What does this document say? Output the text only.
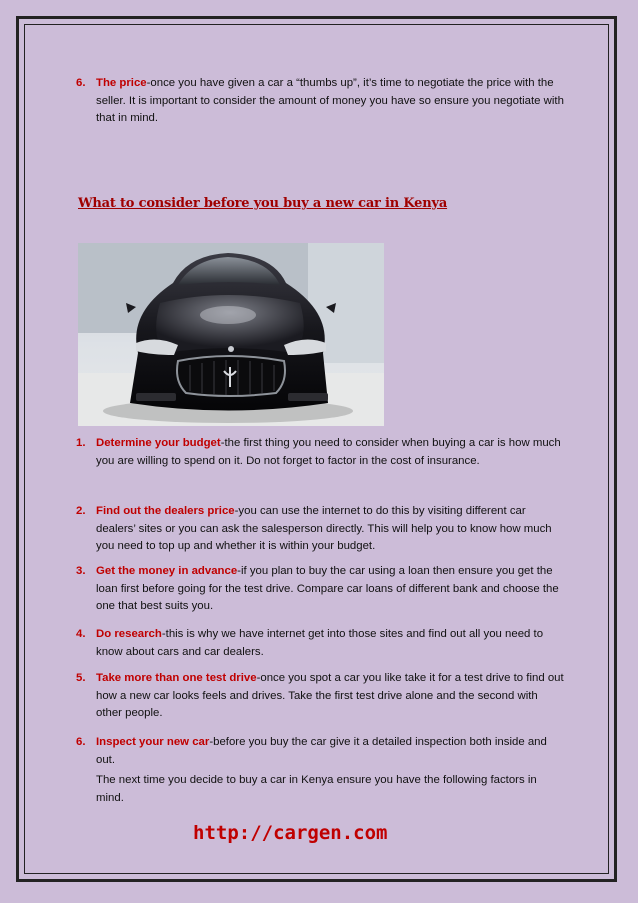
6. The price-once you have given a car a “thumbs up”, it’s time to negotiate the price with the seller. It is important to consider the amount of money you have so ensure you negotiate with that in mind.
What to consider before you buy a new car in Kenya
1. Determine your budget-the first thing you need to consider when buying a car is how much you are willing to spend on it. Do not forget to factor in the cost of insurance.
2. Find out the dealers price-you can use the internet to do this by visiting different car dealers’ sites or you can ask the salesperson directly. This will help you to know how much you need to top up and whether it is within your budget.
3. Get the money in advance-if you plan to buy the car using a loan then ensure you get the loan first before going for the test drive. Compare car loans of different bank and choose the one that best suits you.
4. Do research-this is why we have internet get into those sites and find out all you need to know about cars and car dealers.
5. Take more than one test drive-once you spot a car you like take it for a test drive to find out how a new car looks feels and drives. Take the first test drive alone and the second with other people.
6. Inspect your new car-before you buy the car give it a detailed inspection both inside and out.
The next time you decide to buy a car in Kenya ensure you have the following factors in mind.
http://cargen.com
